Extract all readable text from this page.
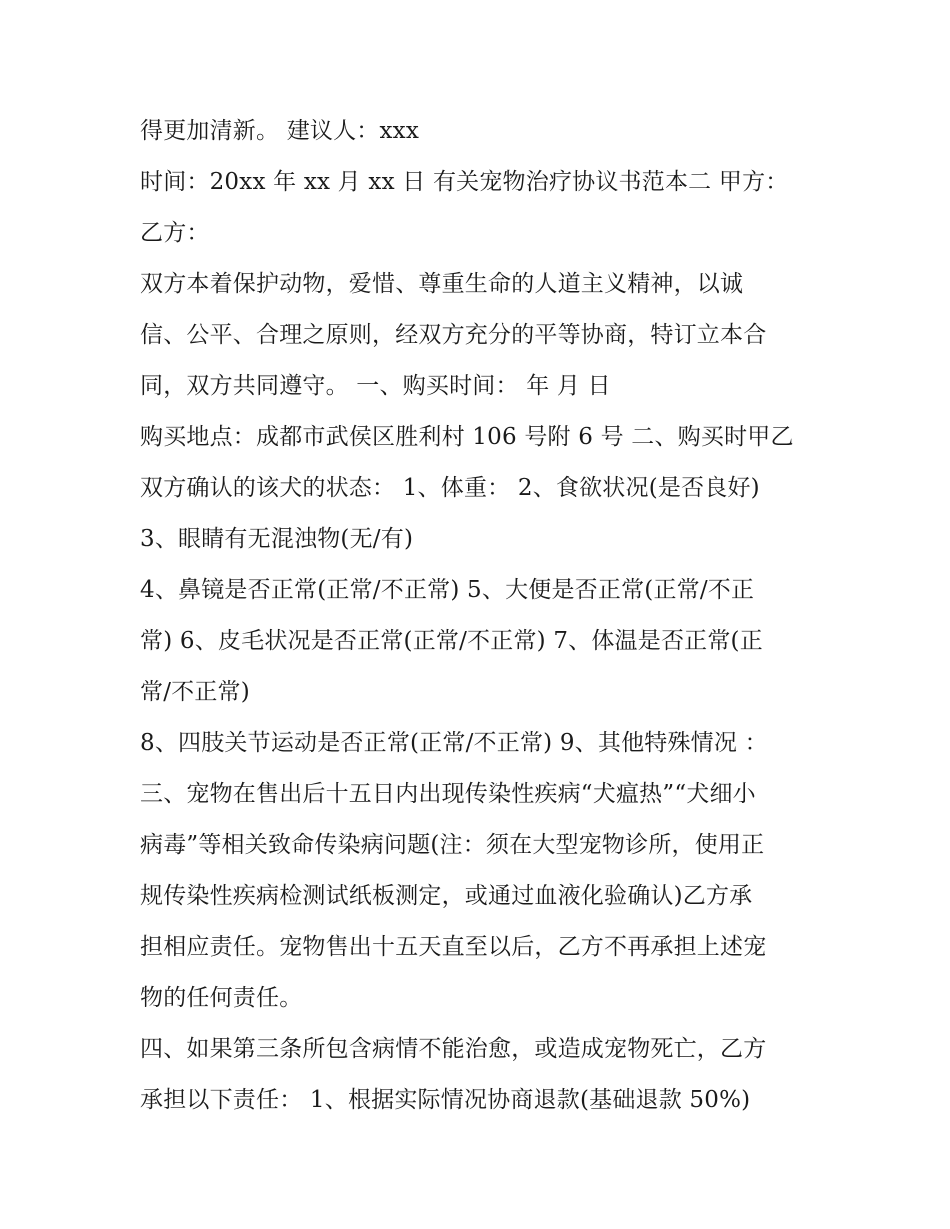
得更加清新。 建议人：xxx
时间：20xx 年 xx 月 xx 日 有关宠物治疗协议书范本二 甲方：
乙方：
双方本着保护动物，爱惜、尊重生命的人道主义精神，以诚
信、公平、合理之原则，经双方充分的平等协商，特订立本合
同，双方共同遵守。 一、购买时间： 年 月 日
购买地点：成都市武侯区胜利村 106 号附 6 号 二、购买时甲乙
双方确认的该犬的状态： 1、体重： 2、食欲状况(是否良好)
3、眼睛有无混浊物(无/有)
4、鼻镜是否正常(正常/不正常) 5、大便是否正常(正常/不正
常) 6、皮毛状况是否正常(正常/不正常) 7、体温是否正常(正
常/不正常)
8、四肢关节运动是否正常(正常/不正常) 9、其他特殊情况 ：
三、宠物在售出后十五日内出现传染性疾病“犬瘟热”“犬细小
病毒”等相关致命传染病问题(注：须在大型宠物诊所，使用正
规传染性疾病检测试纸板测定，或通过血液化验确认)乙方承
担相应责任。宠物售出十五天直至以后，乙方不再承担上述宠
物的任何责任。
四、如果第三条所包含病情不能治愈，或造成宠物死亡，乙方
承担以下责任： 1、根据实际情况协商退款(基础退款 50%)
